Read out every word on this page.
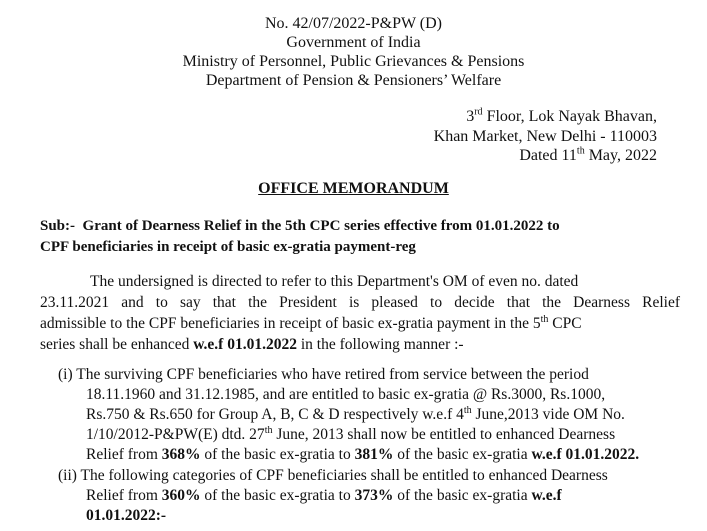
No. 42/07/2022-P&PW (D)
Government of India
Ministry of Personnel, Public Grievances & Pensions
Department of Pension & Pensioners’ Welfare
3rd Floor, Lok Nayak Bhavan,
Khan Market, New Delhi - 110003
Dated 11th May, 2022
OFFICE MEMORANDUM
Sub:- Grant of Dearness Relief in the 5th CPC series effective from 01.01.2022 to
CPF beneficiaries in receipt of basic ex-gratia payment-reg
The undersigned is directed to refer to this Department's OM of even no. dated
23.11.2021 and to say that the President is pleased to decide that the Dearness Relief
admissible to the CPF beneficiaries in receipt of basic ex-gratia payment in the 5th CPC
series shall be enhanced w.e.f 01.01.2022 in the following manner :-
(i) The surviving CPF beneficiaries who have retired from service between the period
18.11.1960 and 31.12.1985, and are entitled to basic ex-gratia @ Rs.3000, Rs.1000,
Rs.750 & Rs.650 for Group A, B, C & D respectively w.e.f 4th June,2013 vide OM No.
1/10/2012-P&PW(E) dtd. 27th June, 2013 shall now be entitled to enhanced Dearness
Relief from 368% of the basic ex-gratia to 381% of the basic ex-gratia w.e.f 01.01.2022.
(ii) The following categories of CPF beneficiaries shall be entitled to enhanced Dearness
Relief from 360% of the basic ex-gratia to 373% of the basic ex-gratia w.e.f
01.01.2022:-
